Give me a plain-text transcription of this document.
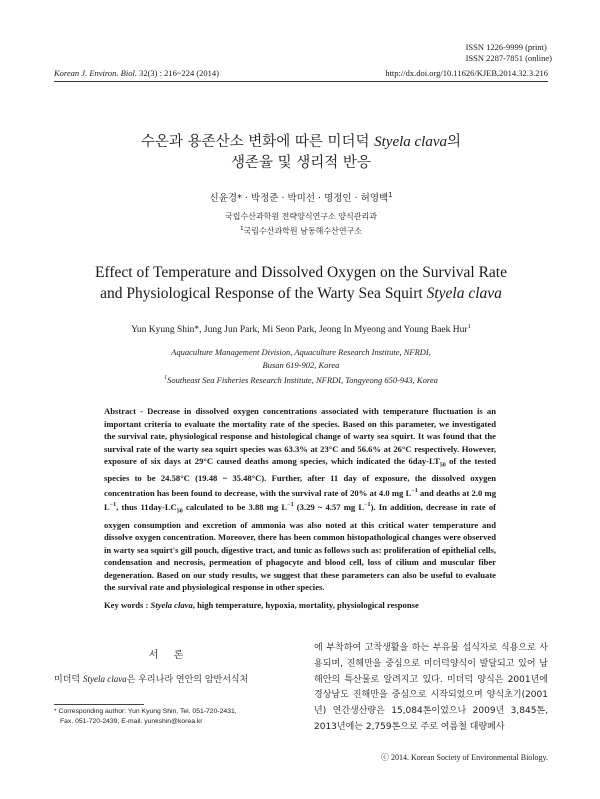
ISSN 1226-9999 (print)
ISSN 2287-7851 (online)
Korean J. Environ. Biol. 32(3) : 216~224 (2014)	http://dx.doi.org/10.11626/KJEB.2014.32.3.216
수온과 용존산소 변화에 따른 미더덕 Styela clava의
생존율 및 생리적 반응
신윤경* · 박정준 · 박미선 · 명정인 · 허영백$^1$
국립수산과학원 전략양식연구소 양식관리과
$^1$국립수산과학원 남동해수산연구소
Effect of Temperature and Dissolved Oxygen on the Survival Rate
and Physiological Response of the Warty Sea Squirt Styela clava
Yun Kyung Shin*, Jung Jun Park, Mi Seon Park, Jeong In Myeong and Young Baek Hur$^1$
Aquaculture Management Division, Aquaculture Research Institute, NFRDI,
Busan 619-902, Korea
$^1$Southeast Sea Fisheries Research Institute, NFRDI, Tongyeong 650-943, Korea
Abstract - Decrease in dissolved oxygen concentrations associated with temperature fluctuation is an important criteria to evaluate the mortality rate of the species. Based on this parameter, we investigated the survival rate, physiological response and histological change of warty sea squirt. It was found that the survival rate of the warty sea squirt species was 63.3% at 23°C and 56.6% at 26°C respectively. However, exposure of six days at 29°C caused deaths among species, which indicated the $6day-LT_{50}$ of the tested species to be 24.58°C (19.48 ~ 35.48°C). Further, after 11 day of exposure, the dissolved oxygen concentration has been found to decrease, with the survival rate of 20% at 4.0 mg $L^{-1}$ and deaths at 2.0 mg $L^{-1}$, thus $11day-LC_{50}$ calculated to be 3.88 mg $L^{-1}$ (3.29 ~ 4.57 mg $L^{-1}$). In addition, decrease in rate of oxygen consumption and excretion of ammonia was also noted at this critical water temperature and dissolve oxygen concentration. Moreover, there has been common histopathological changes were observed in warty sea squirt's gill pouch, digestive tract, and tunic as follows such as: proliferation of epithelial cells, condensation and necrosis, permeation of phagocyte and blood cell, loss of cilium and muscular fiber degeneration. Based on our study results, we suggest that these parameters can also be useful to evaluate the survival rate and physiological response in other species.
Key words : Styela clava, high temperature, hypoxia, mortality, physiological response
서 론
미더덕 Styela clava은 우리나라 연안의 암반서식처
* Corresponding author: Yun Kyung Shin, Tel. 051-720-2431,
Fax. 051-720-2439, E-mail. yunkshin@korea.kr
에 부착하여 고착생활을 하는 부유물 섭식자로 식용으로 사용되며, 진해만을 중심으로 미더덕양식이 발달되고 있어 남해안의 특산물로 알려지고 있다. 미더덕 양식은 2001년에 경상남도 진해만을 중심으로 시작되었으며 양식초기(2001년) 연간생산량은 15,084톤이었으나 2009년 3,845톤, 2013년에는 2,759톤으로 주로 여름철 대량폐사
ⓒ 2014. Korean Society of Environmental Biology.
